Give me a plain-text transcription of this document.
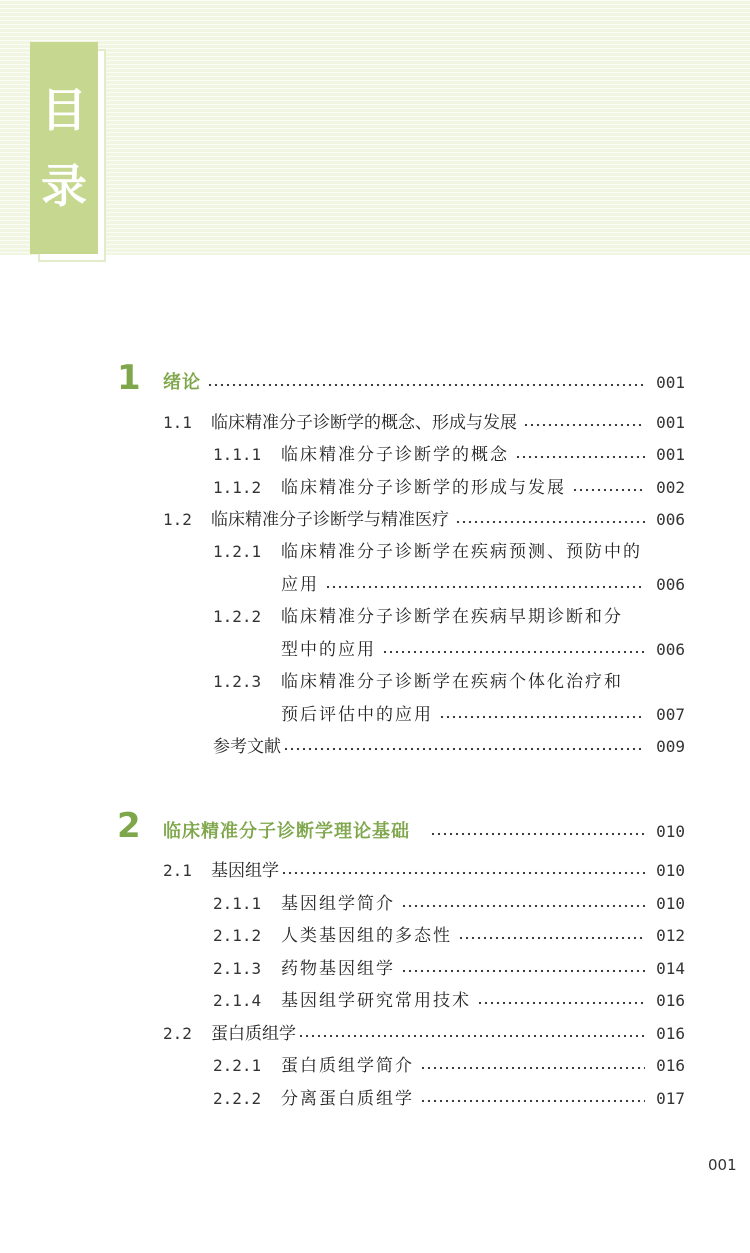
目
录
1 绪论	001
1.1	临床精准分子诊断学的概念、形成与发展	001
1.1.1	临床精准分子诊断学的概念	001
1.1.2	临床精准分子诊断学的形成与发展	002
1.2	临床精准分子诊断学与精准医疗	006
1.2.1	临床精准分子诊断学在疾病预测、预防中的
应用	006
1.2.2	临床精准分子诊断学在疾病早期诊断和分
型中的应用	006
1.2.3	临床精准分子诊断学在疾病个体化治疗和
预后评估中的应用	007
参考文献	009
2 临床精准分子诊断学理论基础	010
2.1	基因组学	010
2.1.1	基因组学简介	010
2.1.2	人类基因组的多态性	012
2.1.3	药物基因组学	014
2.1.4	基因组学研究常用技术	016
2.2	蛋白质组学	016
2.2.1	蛋白质组学简介	016
2.2.2	分离蛋白质组学	017
001
